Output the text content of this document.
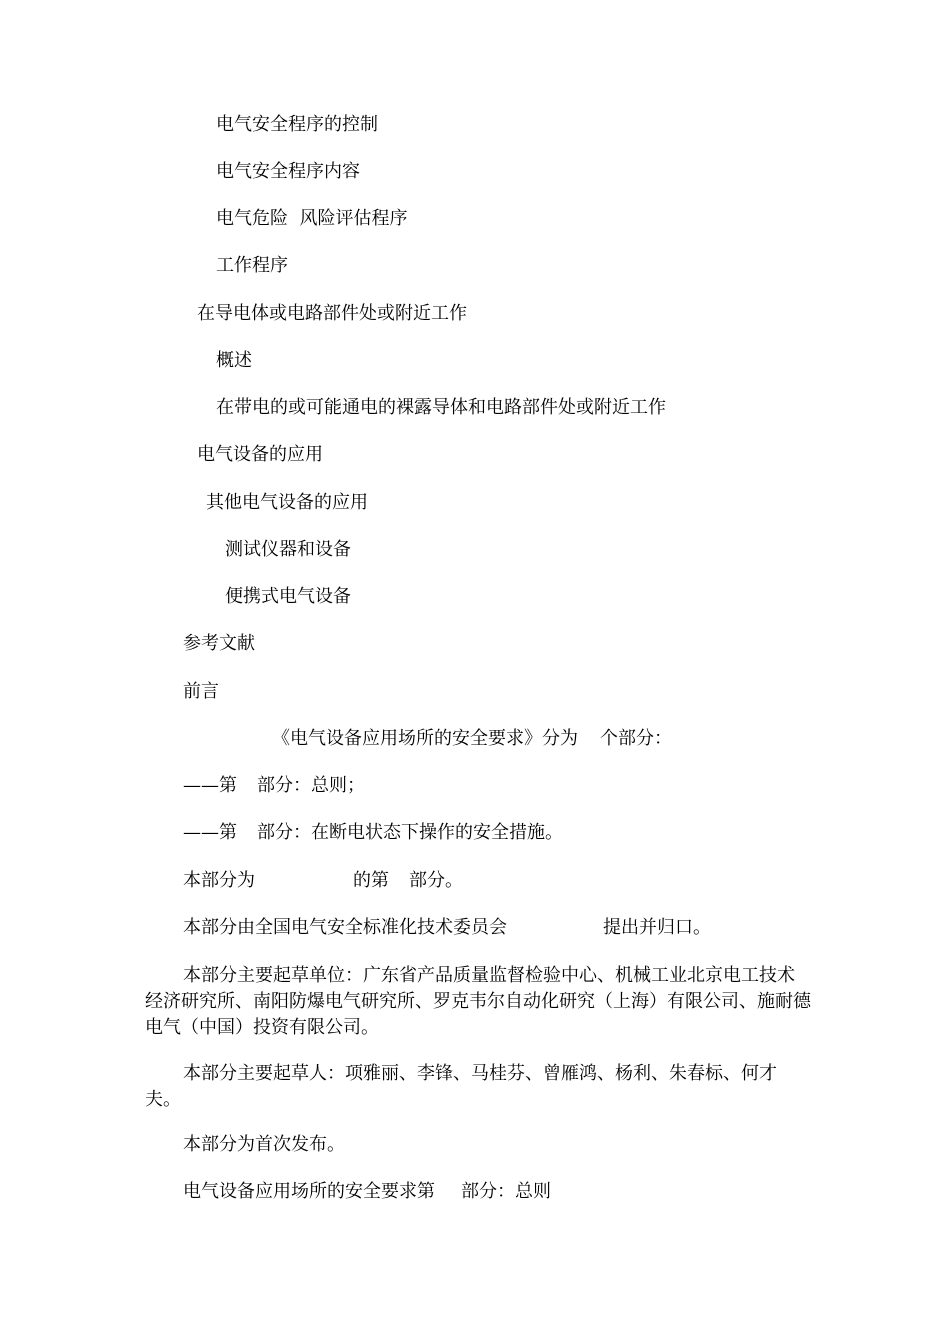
电气安全程序的控制
电气安全程序内容
电气危险  风险评估程序
工作程序
在导电体或电路部件处或附近工作
概述
在带电的或可能通电的裸露导体和电路部件处或附近工作
电气设备的应用
其他电气设备的应用
测试仪器和设备
便携式电气设备
参考文献
前言
《电气设备应用场所的安全要求》分为 个部分：
——第 部分：总则；
——第 部分：在断电状态下操作的安全措施。
本部分为	的第 部分。
本部分由全国电气安全标准化技术委员会	提出并归口。
本部分主要起草单位：广东省产品质量监督检验中心、机械工业北京电工技术经济研究所、南阳防爆电气研究所、罗克韦尔自动化研究（上海）有限公司、施耐德电气（中国）投资有限公司。
本部分主要起草人：项雅丽、李锋、马桂芬、曾雁鸿、杨利、朱春标、何才夫。
本部分为首次发布。
电气设备应用场所的安全要求第 部分：总则
